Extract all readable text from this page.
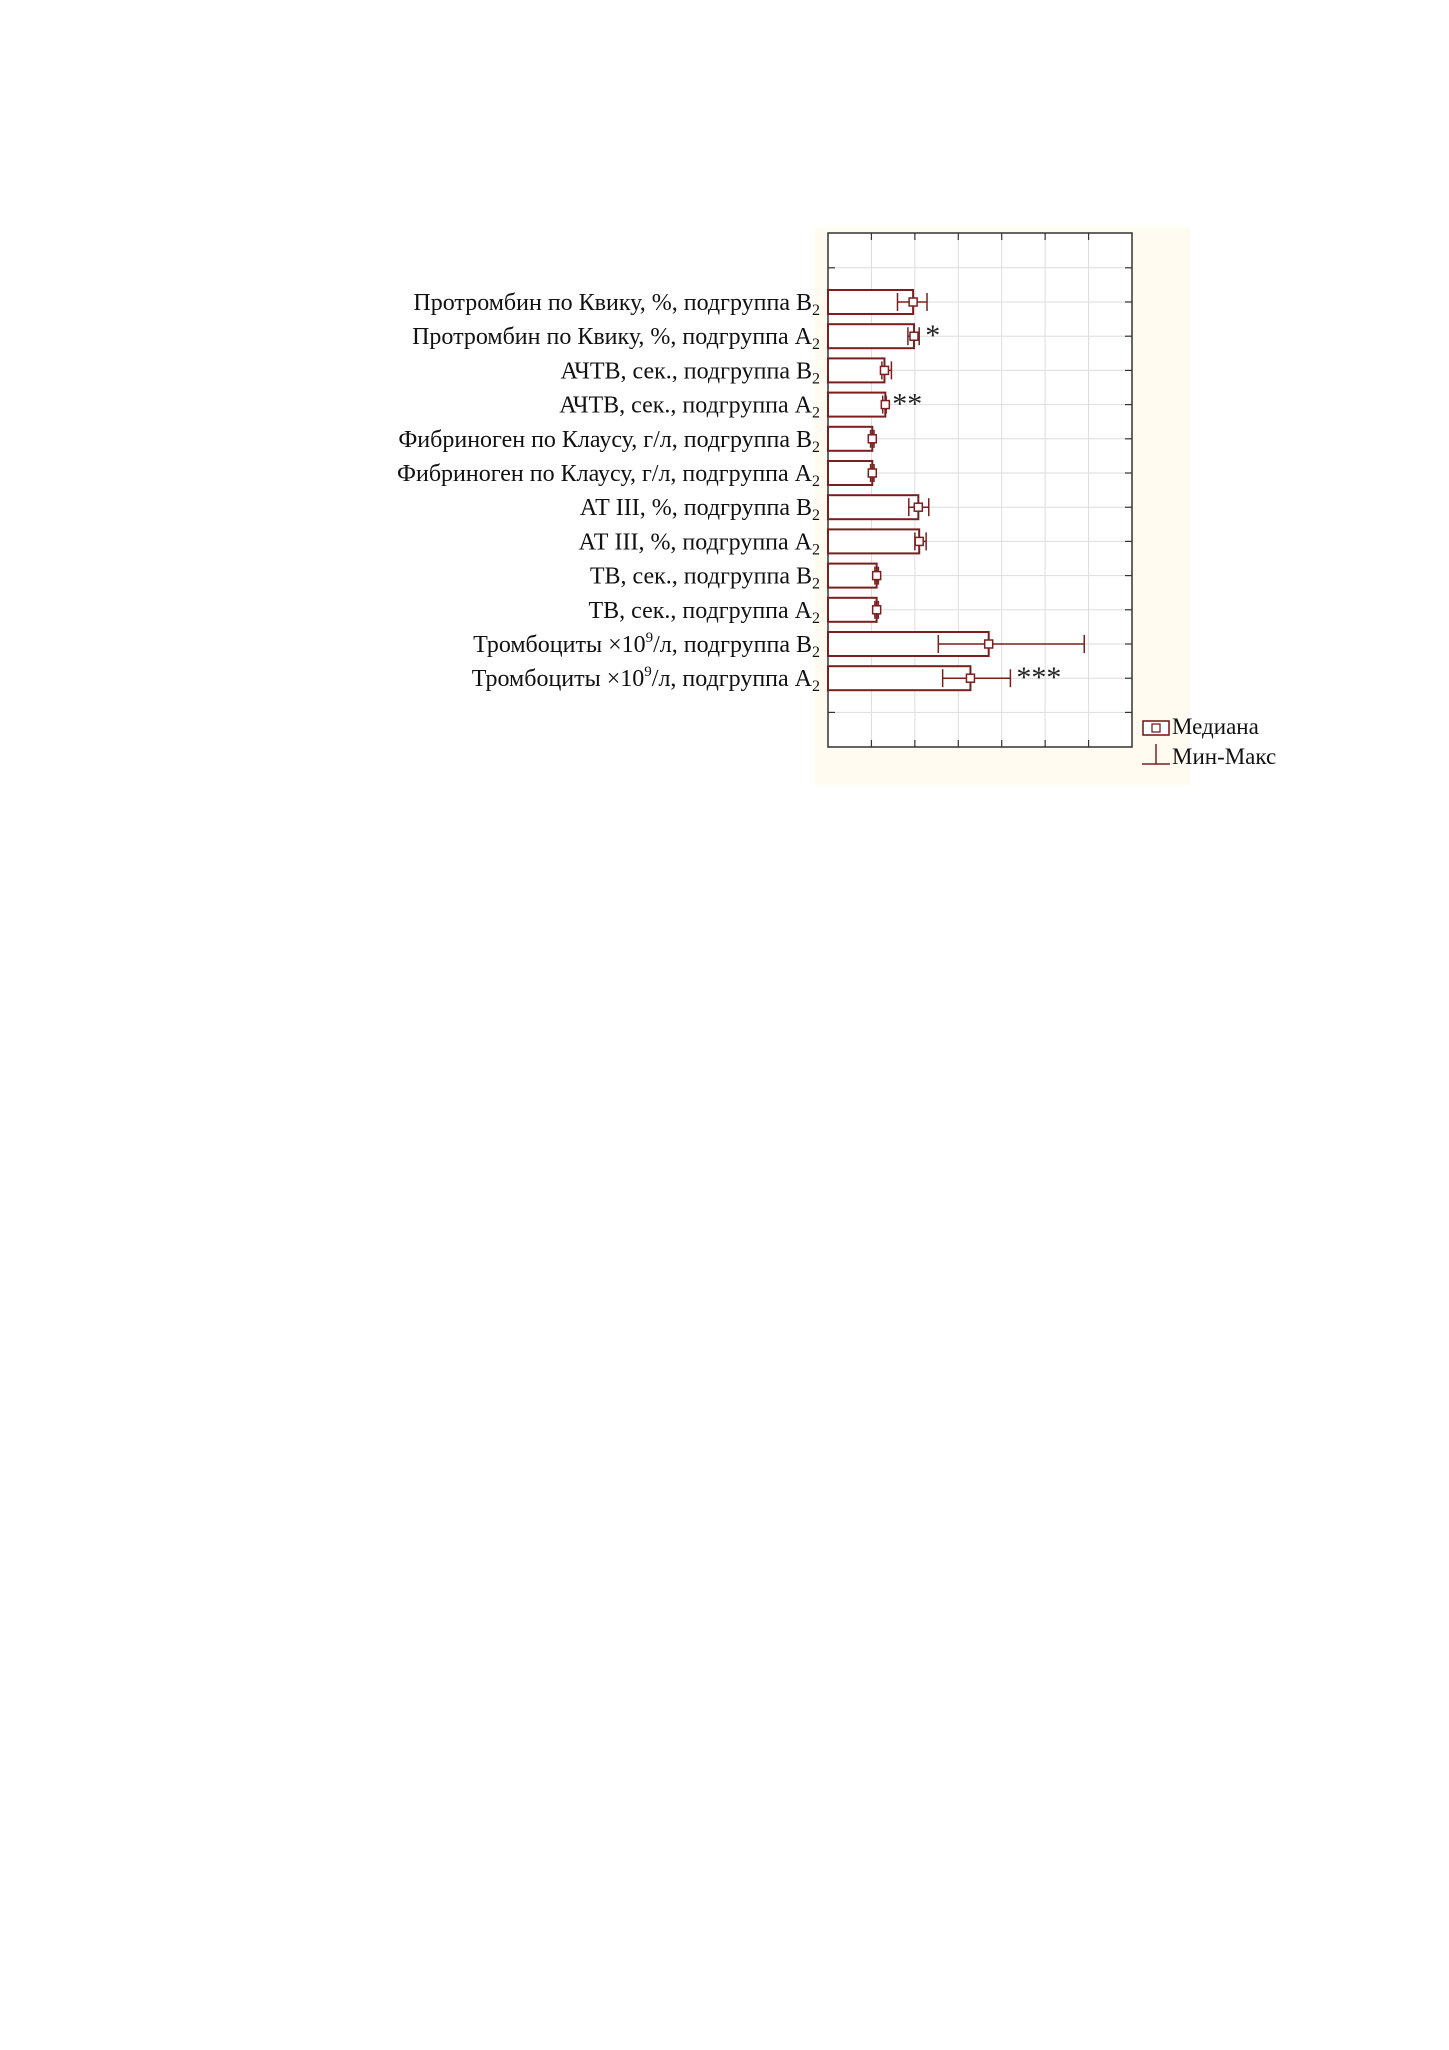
Протромбин по Квику, %, подгруппа $В_2$
Протромбин по Квику, %, подгруппа $А_2$	*
АЧТВ, сек., подгруппа $В_2$
АЧТВ, сек., подгруппа $А_2$ **
Фибриноген по Клаусу, г/л, подгруппа $В_2$
Фибриноген по Клаусу, г/л, подгруппа $А_2$
АТ III, %, подгруппа $В_2$
АТ III, %, подгруппа $А_2$
ТВ, сек., подгруппа $В_2$
ТВ, сек., подгруппа $А_2$
Тромбоциты $\times 10^9/л$, подгруппа $В_2$
Тромбоциты $\times 10^9/л$, подгруппа $А_2$	***
Медиана
Мин-Макс
